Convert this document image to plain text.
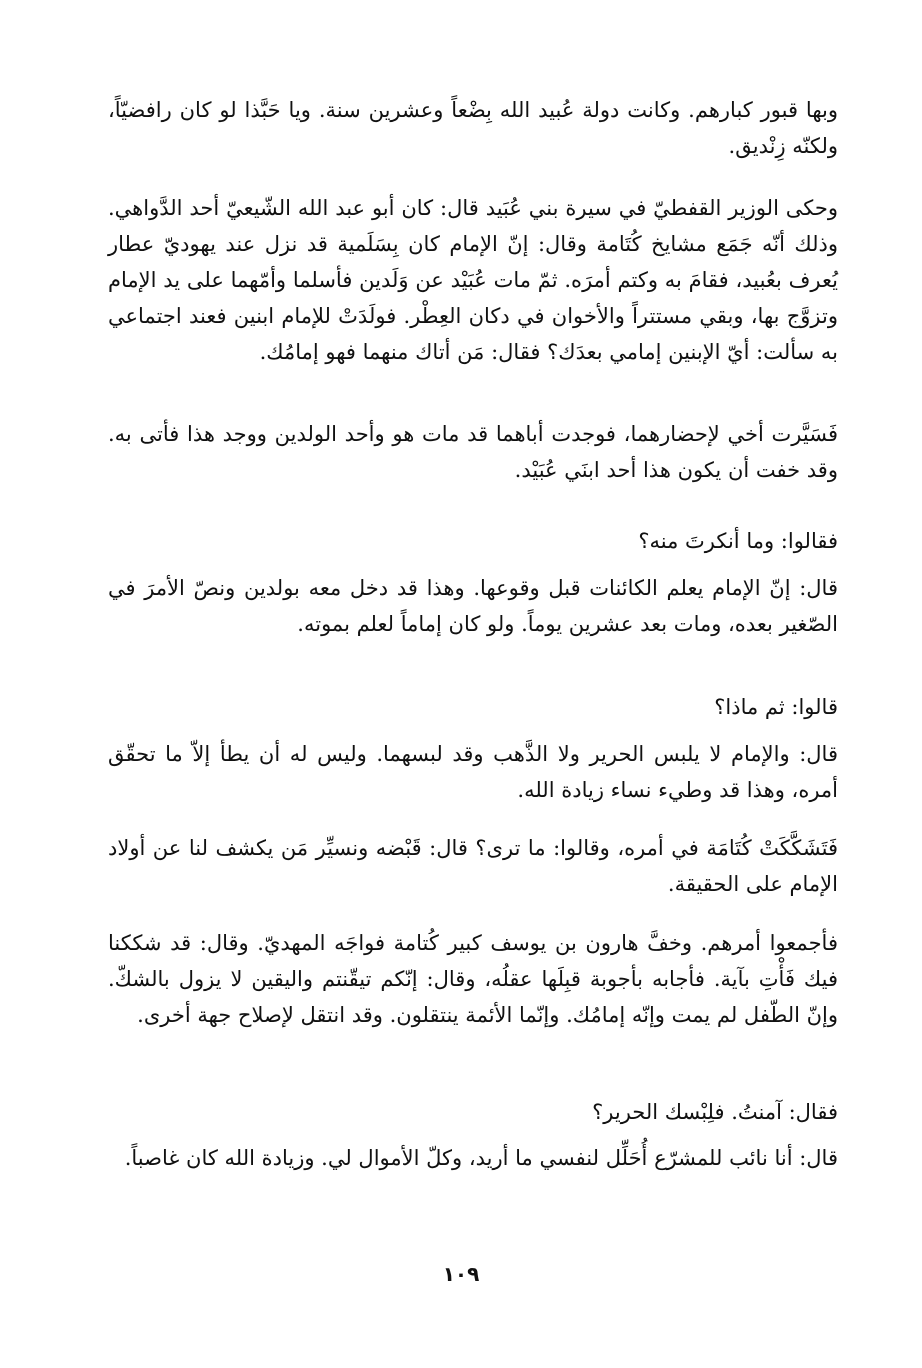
وبها قبور كبارهم. وكانت دولة عُبيد الله بِضْعاً وعشرين سنة. ويا حَبَّذا لو كان رافضيّاً، ولكنّه زِنْديق.

وحكى الوزير القفطيّ في سيرة بني عُبَيد قال: كان أبو عبد الله الشّيعيّ أحد الدَّواهي. وذلك أنّه جَمَع مشايخ كُتَامة وقال: إنّ الإمام كان بِسَلَمية قد نزل عند يهوديّ عطار يُعرف بعُبيد، فقامَ به وكتم أمرَه. ثمّ مات عُبَيْد عن وَلَدين فأسلما وأمّهما على يد الإمام وتزوَّج بها، وبقي مستتراً والأخوان في دكان العِطْر. فولَدَتْ للإمام ابنين فعند اجتماعي به سألت: أيّ الإبنين إمامي بعدَك؟ فقال: مَن أتاك منهما فهو إمامُك.

فَسَيَّرت أخي لإحضارهما، فوجدت أباهما قد مات هو وأحد الولدين ووجد هذا فأتى به. وقد خفت أن يكون هذا أحد ابنَي عُبَيْد.

فقالوا: وما أنكرتَ منه؟

قال: إنّ الإمام يعلم الكائنات قبل وقوعها. وهذا قد دخل معه بولدين ونصّ الأمرَ في الصّغير بعده، ومات بعد عشرين يوماً. ولو كان إماماً لعلم بموته.

قالوا: ثم ماذا؟

قال: والإمام لا يلبس الحرير ولا الذَّهب وقد لبسهما. وليس له أن يطأ إلاّ ما تحقّق أمره، وهذا قد وطيء نساء زيادة الله.

فَتَشَكَّكَتْ كُتَامَة في أمره، وقالوا: ما ترى؟ قال: قَبْضه ونسيِّر مَن يكشف لنا عن أولاد الإمام على الحقيقة.

فأجمعوا أمرهم. وخفَّ هارون بن يوسف كبير كُتامة فواجَه المهديّ. وقال: قد شككنا فيك فَأْتِ بآية. فأجابه بأجوبة قبِلَها عقلُه، وقال: إنّكم تيقّنتم واليقين لا يزول بالشكّ. وإنّ الطّفل لم يمت وإنّه إمامُك. وإنّما الأئمة ينتقلون. وقد انتقل لإصلاح جهة أخرى.

فقال: آمنتُ. فلِبْسك الحرير؟

قال: أنا نائب للمشرّع أُحَلِّل لنفسي ما أريد، وكلّ الأموال لي. وزيادة الله كان غاصباً.

١٠٩
